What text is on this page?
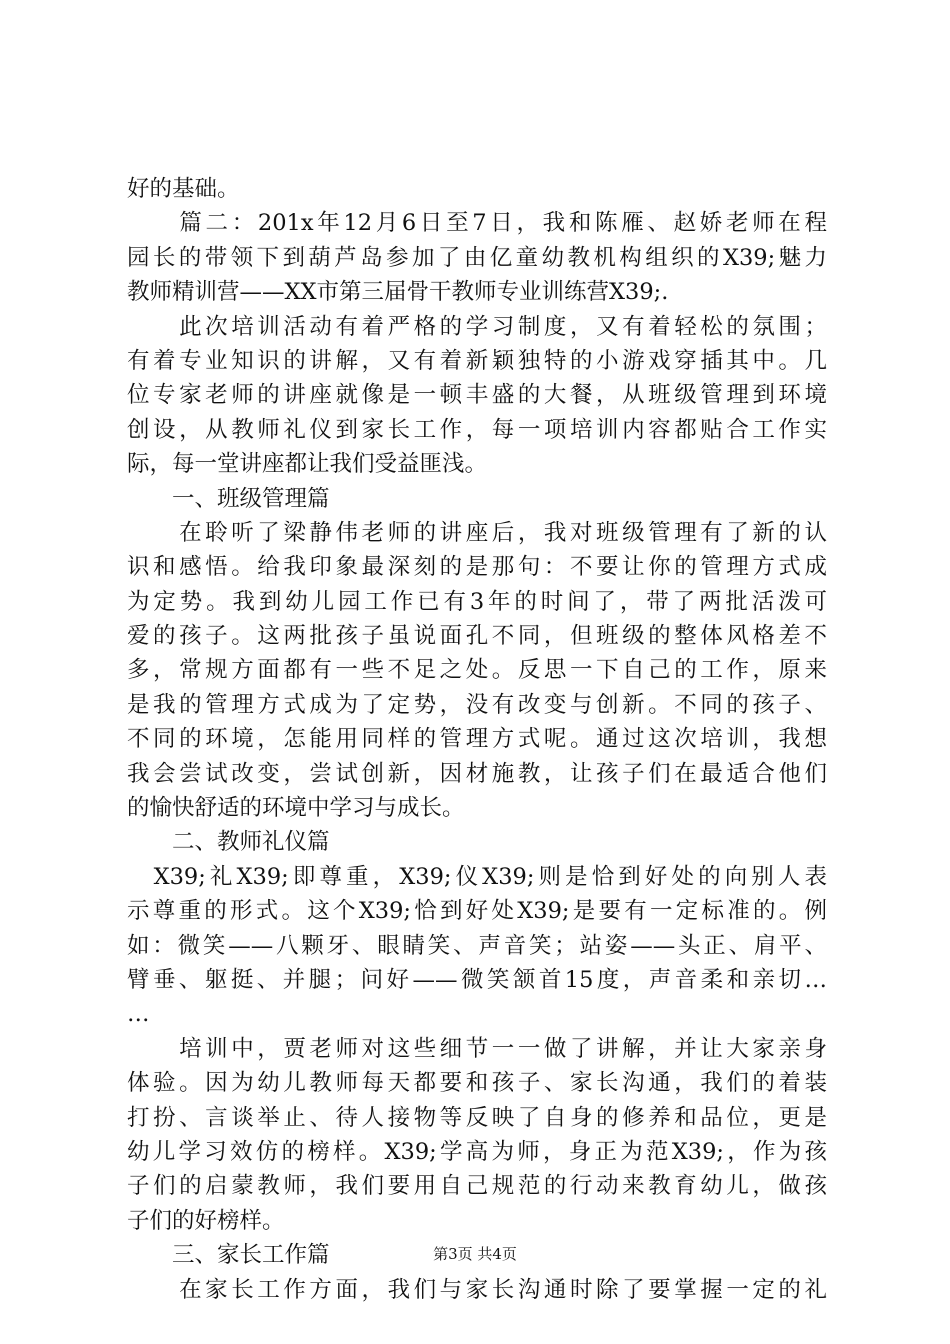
好的基础。
　　篇二：201x年12月6日至7日，我和陈雁、赵娇老师在程
园长的带领下到葫芦岛参加了由亿童幼教机构组织的X39;魅力
教师精训营——XX市第三届骨干教师专业训练营X39;.
　　此次培训活动有着严格的学习制度，又有着轻松的氛围；
有着专业知识的讲解，又有着新颖独特的小游戏穿插其中。几
位专家老师的讲座就像是一顿丰盛的大餐，从班级管理到环境
创设，从教师礼仪到家长工作，每一项培训内容都贴合工作实
际，每一堂讲座都让我们受益匪浅。
　　一、班级管理篇
　　在聆听了梁静伟老师的讲座后，我对班级管理有了新的认
识和感悟。给我印象最深刻的是那句：不要让你的管理方式成
为定势。我到幼儿园工作已有3年的时间了，带了两批活泼可
爱的孩子。这两批孩子虽说面孔不同，但班级的整体风格差不
多，常规方面都有一些不足之处。反思一下自己的工作，原来
是我的管理方式成为了定势，没有改变与创新。不同的孩子、
不同的环境，怎能用同样的管理方式呢。通过这次培训，我想
我会尝试改变，尝试创新，因材施教，让孩子们在最适合他们
的愉快舒适的环境中学习与成长。
　　二、教师礼仪篇
　X39;礼X39;即尊重，X39;仪X39;则是恰到好处的向别人表
示尊重的形式。这个X39;恰到好处X39;是要有一定标准的。例
如：微笑——八颗牙、眼睛笑、声音笑；站姿——头正、肩平、
臂垂、躯挺、并腿；问好——微笑颔首15度，声音柔和亲切…
…
　　培训中，贾老师对这些细节一一做了讲解，并让大家亲身
体验。因为幼儿教师每天都要和孩子、家长沟通，我们的着装
打扮、言谈举止、待人接物等反映了自身的修养和品位，更是
幼儿学习效仿的榜样。X39;学高为师，身正为范X39;，作为孩
子们的启蒙教师，我们要用自己规范的行动来教育幼儿，做孩
子们的好榜样。
　　三、家长工作篇
　　在家长工作方面，我们与家长沟通时除了要掌握一定的礼
第3页 共4页
